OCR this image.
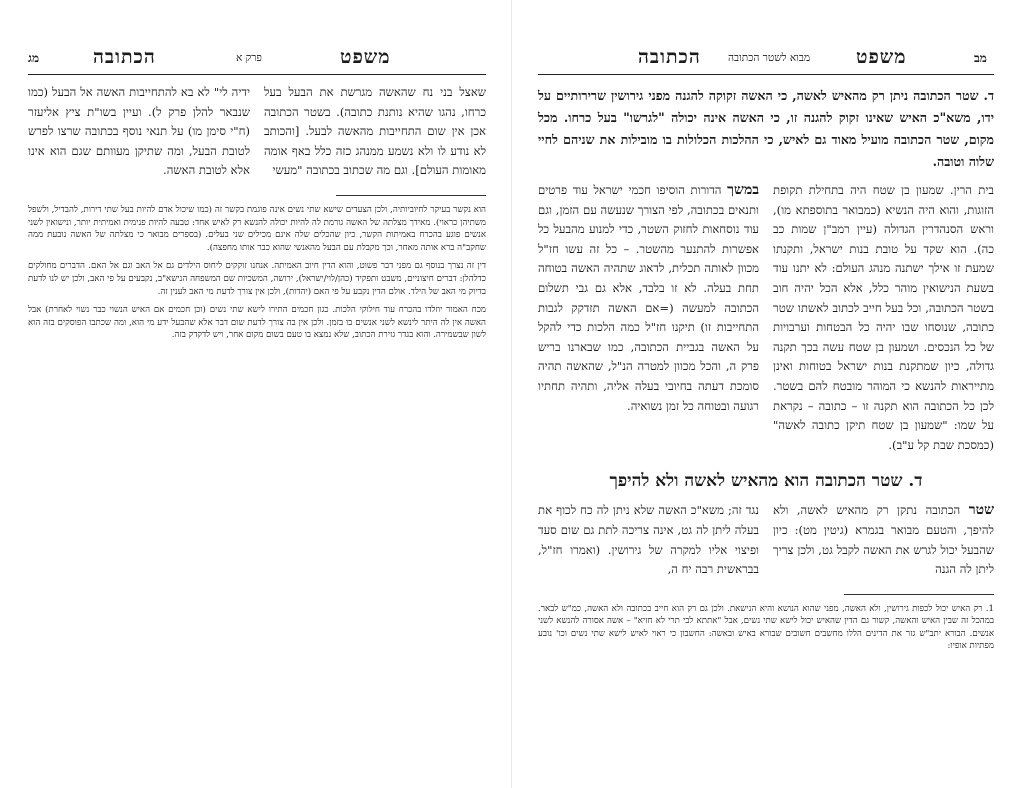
הכתובה	פרק א	משפט
מג
שאצל בני נח שהאשה מגרשת את הבעל בעל כרחו, נהגו שהיא נותנת כתובה). בשטר הכתובה אכן אין שום התחייבות מהאשה לבעל. [והכותב לא נודע לו ולא נשמע ממנהג כזה כלל באף אומה מאומות העולם]. וגם מה שכתוב בכתובה "מעשי
ידיה לי" לא בא להתחייבות האשה אל הבעל (כמו שנבאר להלן פרק ל). ועיין בשו"ת ציץ אליעזר (ח"י סימן מו) על תנאי נוסף בכתובה שרצו לפרש לטובת הבעל, ומה שתיקן מעוותם שגם הוא אינו אלא לטובת האשה.
הוא נקשר בעיקר לחיוביותיה, ולכן הצעדים שישא שתי נשים אינה פוגמת בקשר זה (כמו שיכול אדם להיות בעל שתי דירות, להבדיל, ולשפל משתיהן כראוי). מאידך מצלתה של האשה גורמת לה להיות יכולה להנשא רק לאיש אחד: טבעה להיות פנימית ואמיתית יותר, ונישואין לשני אנשים פוגע בהכרח באמיתות הקשר, כיון שהכלים שלה אינם מכילים שני בעלים. (בספרים מבואר כי מצלתה של האשה נובעת ממה שחקב"ה ברא אותה מאחר, וכך מקבלת עם הבעל מהאנשי שהוא כבר אותו מחפצה).
דין זה נצרך בנוסף גם מפני דבר פשוט, והוא הדין חיוב האמיתה. אנחנו זוקקים ליחוס הילדים גם אל האב וגם אל האם. הדברים מחולקים כדלהלן: דברים חיצוניים, משבט ותפקיד (כהן/לוי/ישראל), ירושה, המשכיות שם המשפחה הנישא"ב, נקבעים על פי האב, ולכן יש לנו לדעת בדיוק מי האב של הילד. אולם הדין נקבע על פי האם (יהדות), ולכן אין צורך לדעת מי האב לענין זה.
מכח האמור יוזלדו בהכרח עוד חילוקי הלכות. כגון חכמים התירו לישא שתי נשים (וכן חכמים אם האיש הנשוי כבר נשוי לאחרת) אבל האשה אין לה היתר לינשא לשני אנשים בו בזמן. ולכן אין בה צורך לדעת שום דבר אלא שהבעל ידע מי הוא, ומה שכתבו הפוסקים בזה הוא לשון שבשמירה. והוא בגדר גזירת הכתוב, שלא נמצא בו טעם בשום מקום אחר, ויש לדקדק בזה.
הכתובה	מבוא לשטר הכתובה משפט	מב
ד. שטר הכתובה ניתן רק מהאיש לאשה, כי האשה זקוקה להגנה מפני גירושין שרירותיים על ידו, משא"כ האיש שאינו זקוק להגנה זו, כי האשה אינה יכולה "לגרשו" בעל כרחו. מכל מקום, שטר הכתובה מועיל מאוד גם לאיש, כי ההלכות הכלולות בו מובילות את שניהם לחיי שלוה וטובה.
בית הרין. שמעון בן שטח היה בתחילת תקופת הזוגות, והוא היה הנשיא (כמבואר בתוספתא מו), וראש הסנהדרין הגדולה (עיין רמב"ן שמות כב כה). הוא שקד על טובת בנות ישראל, ותקנתו שמעת זו אילך ישתנה מנהג העולם: לא יתנו עוד בשעת הנישואין מוהר כלל, אלא הכל יהיה חוב בשטר הכתובה, וכל בעל חייב לכתוב לאשתו שטר כתובה, שנוסחו שבו יהיה כל הבטחות וערבויות של כל הנכסים. ושמעון בן שטח עשה בכך תקנה גדולה, כיון שמתקנת בנות ישראל בטוחות ואינן מתייראות להנשא כי המוהר מובטח להם בשטר. לכן כל הכתובה הוא תקנה זו – כתובה – נקראת על שמו: "שמעון בן שטח תיקן כתובה לאשה" (כמסכת שבת קל ע"ב).
במשך הדורות הוסיפו חכמי ישראל עוד פרטים ותנאים בכתובה, לפי הצורך שנעשה עם הזמן, וגם עוד נוסחאות לחזוק השטר, כדי למנוע מהבעל כל אפשרות להתנער מהשטר. – כל זה עשו חז"ל מכוון לאותה תכלית, לדאוג שתהיה האשה בטוחה תחת בעלה. לא זו בלבד, אלא גם גבי תשלום הכתובה למעשה (=אם האשה תזדקק לגבות התחייבות זו) תיקנו חז"ל כמה הלכות כדי להקל על האשה בגביית הכתובה, כמו שבארנו בריש פרק ה, והכל מכוון למטרה הנ"ל, שהאשה תהיה סומכת דעתה בחיובי בעלה אליה, ותהיה תחתיו רגועה ובטוחה כל זמן נשואיה.
ד. שטר הכתובה הוא מהאיש לאשה ולא להיפך
שטר הכתובה נתקן רק מהאיש לאשה, ולא להיפך, והטעם מבואר בגמרא (גיטין מט): כיון שהבעל יכול לגרש את האשה לקבל גט, ולכן צריך ליתן לה הגנה
נגד זה; משא"כ האשה שלא ניתן לה כח לכוף את בעלה ליתן לה גט, אינה צריכה לתת גם שום סעד ופיצוי אליו למקרה של גירושין. (ואמרו חז"ל, בבראשית רבה יח ה,
1. רק האיש יכול לכפות גירושין, ולא האשה, מפני שהוא הנושא והיא הנישאת. ולכן גם רק הוא חייב בכתובה ולא האשה, כמ"ש לבאר. במהכל זה שבין האיש והאשה, קשור גם הדין שהאיש יכול לישא שתי נשים, אבל "אתתא לבי תרי לא חזיא" – אשה אסורה להנשא לשני אנשים. הבורא יתב"ש גזר את הדינים הללו מחשבים חשובים שבורא באיש ובאשה: החשבון כי ראוי לאיש לישא שתי נשים וכו' נובע מפתיות אופיו:
